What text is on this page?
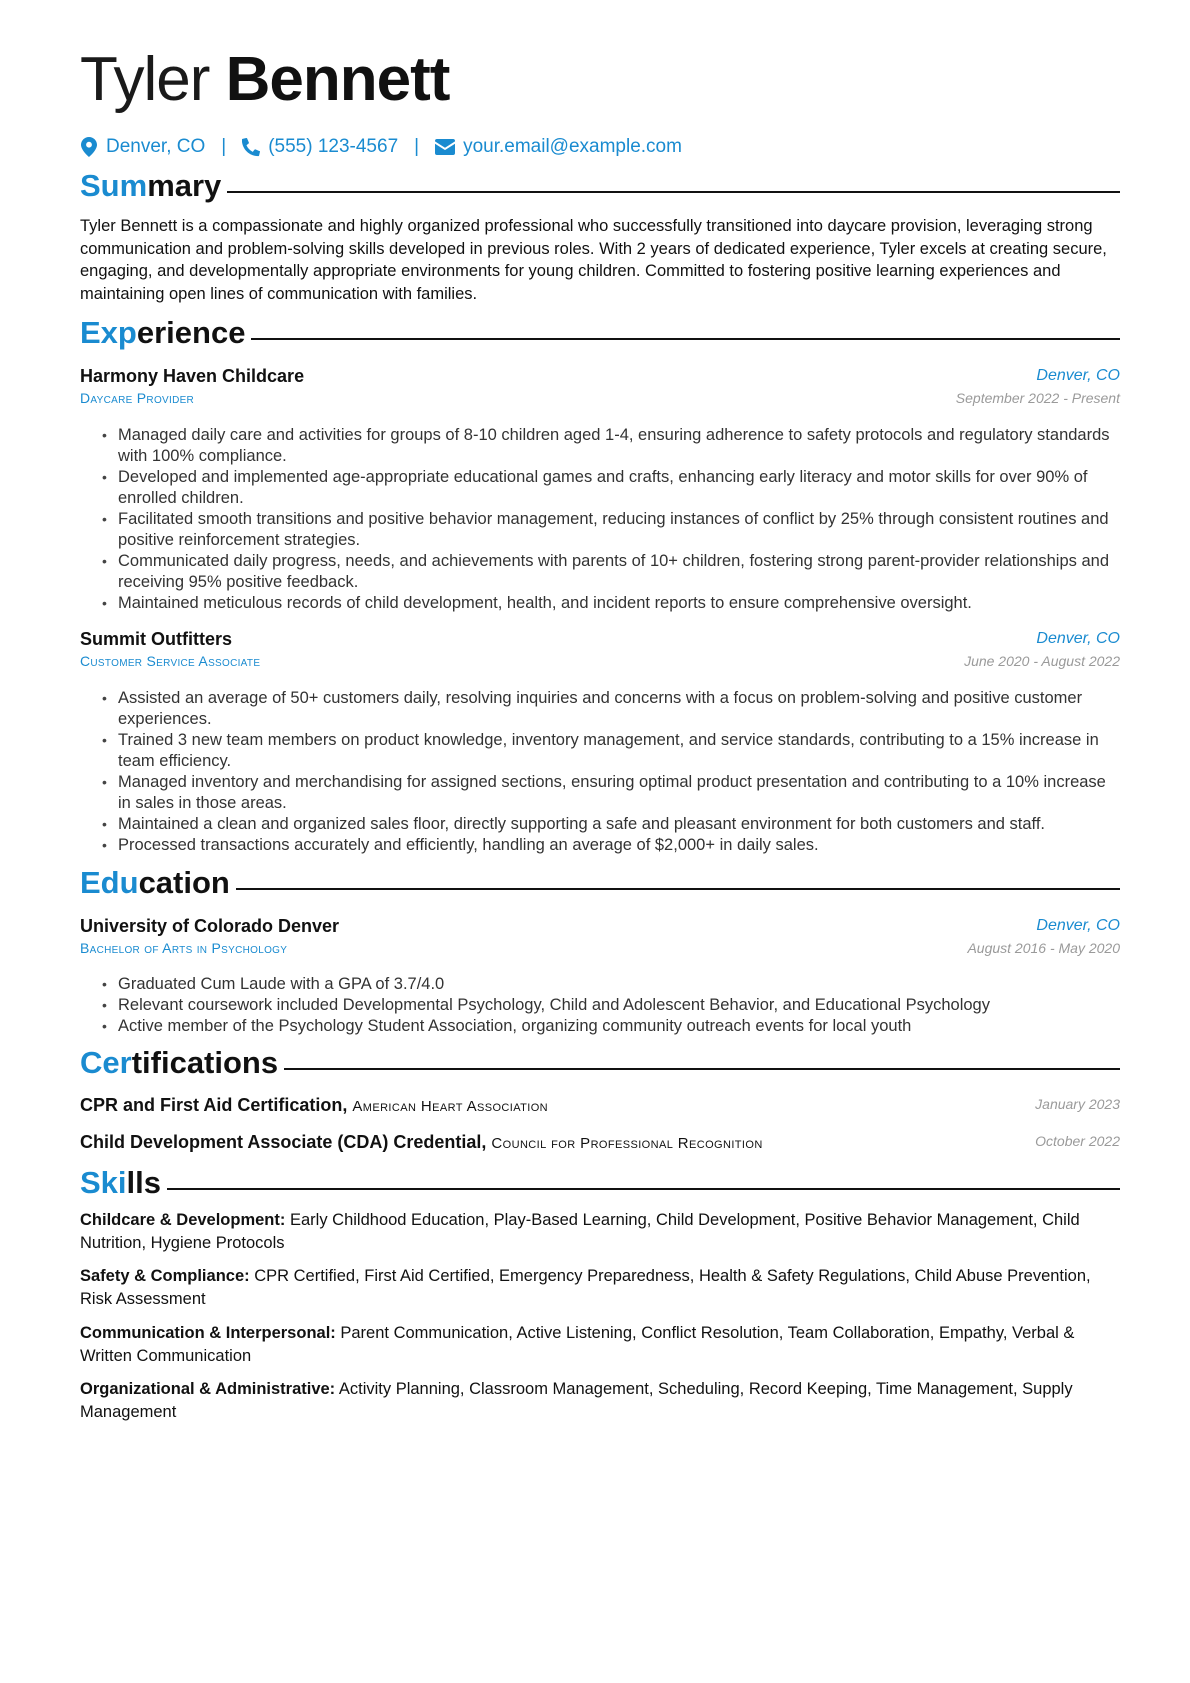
Tyler Bennett
Denver, CO | (555) 123-4567 | your.email@example.com
Summary
Tyler Bennett is a compassionate and highly organized professional who successfully transitioned into daycare provision, leveraging strong communication and problem-solving skills developed in previous roles. With 2 years of dedicated experience, Tyler excels at creating secure, engaging, and developmentally appropriate environments for young children. Committed to fostering positive learning experiences and maintaining open lines of communication with families.
Experience
Harmony Haven Childcare	Denver, CO
Daycare Provider	September 2022 - Present
• Managed daily care and activities for groups of 8-10 children aged 1-4, ensuring adherence to safety protocols and regulatory standards with 100% compliance.
• Developed and implemented age-appropriate educational games and crafts, enhancing early literacy and motor skills for over 90% of enrolled children.
• Facilitated smooth transitions and positive behavior management, reducing instances of conflict by 25% through consistent routines and positive reinforcement strategies.
• Communicated daily progress, needs, and achievements with parents of 10+ children, fostering strong parent-provider relationships and receiving 95% positive feedback.
• Maintained meticulous records of child development, health, and incident reports to ensure comprehensive oversight.
Summit Outfitters	Denver, CO
Customer Service Associate	June 2020 - August 2022
• Assisted an average of 50+ customers daily, resolving inquiries and concerns with a focus on problem-solving and positive customer experiences.
• Trained 3 new team members on product knowledge, inventory management, and service standards, contributing to a 15% increase in team efficiency.
• Managed inventory and merchandising for assigned sections, ensuring optimal product presentation and contributing to a 10% increase in sales in those areas.
• Maintained a clean and organized sales floor, directly supporting a safe and pleasant environment for both customers and staff.
• Processed transactions accurately and efficiently, handling an average of $2,000+ in daily sales.
Education
University of Colorado Denver	Denver, CO
Bachelor of Arts in Psychology	August 2016 - May 2020
• Graduated Cum Laude with a GPA of 3.7/4.0
• Relevant coursework included Developmental Psychology, Child and Adolescent Behavior, and Educational Psychology
• Active member of the Psychology Student Association, organizing community outreach events for local youth
Certifications
CPR and First Aid Certification, American Heart Association	January 2023
Child Development Associate (CDA) Credential, Council for Professional Recognition	October 2022
Skills
Childcare & Development: Early Childhood Education, Play-Based Learning, Child Development, Positive Behavior Management, Child Nutrition, Hygiene Protocols
Safety & Compliance: CPR Certified, First Aid Certified, Emergency Preparedness, Health & Safety Regulations, Child Abuse Prevention, Risk Assessment
Communication & Interpersonal: Parent Communication, Active Listening, Conflict Resolution, Team Collaboration, Empathy, Verbal & Written Communication
Organizational & Administrative: Activity Planning, Classroom Management, Scheduling, Record Keeping, Time Management, Supply Management
